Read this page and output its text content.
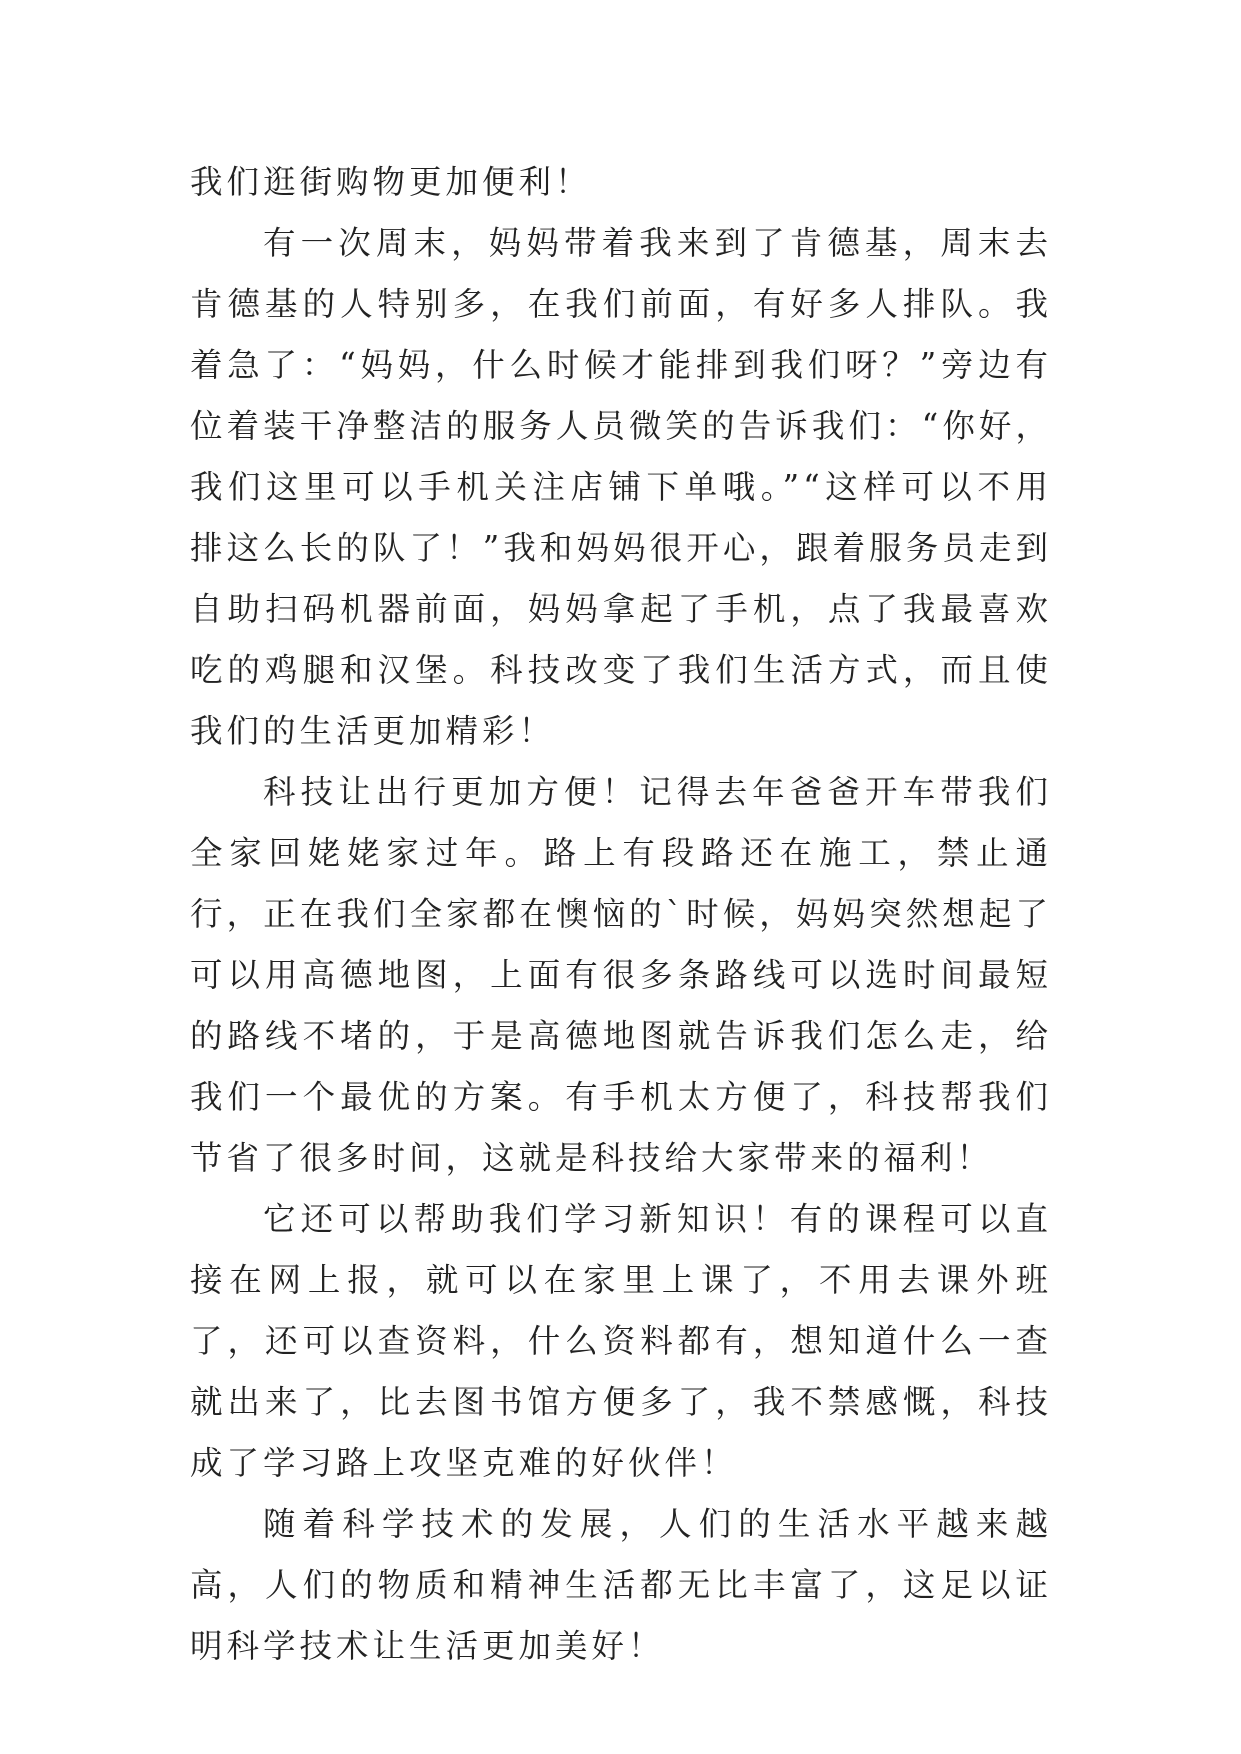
我们逛街购物更加便利！

有一次周末，妈妈带着我来到了肯德基，周末去肯德基的人特别多，在我们前面，有好多人排队。我着急了：“妈妈，什么时候才能排到我们呀？”旁边有位着装干净整洁的服务人员微笑的告诉我们：“你好，我们这里可以手机关注店铺下单哦。”“这样可以不用排这么长的队了！”我和妈妈很开心，跟着服务员走到自助扫码机器前面，妈妈拿起了手机，点了我最喜欢吃的鸡腿和汉堡。科技改变了我们生活方式，而且使我们的生活更加精彩！

科技让出行更加方便！记得去年爸爸开车带我们全家回姥姥家过年。路上有段路还在施工，禁止通行，正在我们全家都在懊恼的`时候，妈妈突然想起了可以用高德地图，上面有很多条路线可以选时间最短的路线不堵的，于是高德地图就告诉我们怎么走，给我们一个最优的方案。有手机太方便了，科技帮我们节省了很多时间，这就是科技给大家带来的福利！

它还可以帮助我们学习新知识！有的课程可以直接在网上报，就可以在家里上课了，不用去课外班了，还可以查资料，什么资料都有，想知道什么一查就出来了，比去图书馆方便多了，我不禁感慨，科技成了学习路上攻坚克难的好伙伴！

随着科学技术的发展，人们的生活水平越来越高，人们的物质和精神生活都无比丰富了，这足以证明科学技术让生活更加美好！
